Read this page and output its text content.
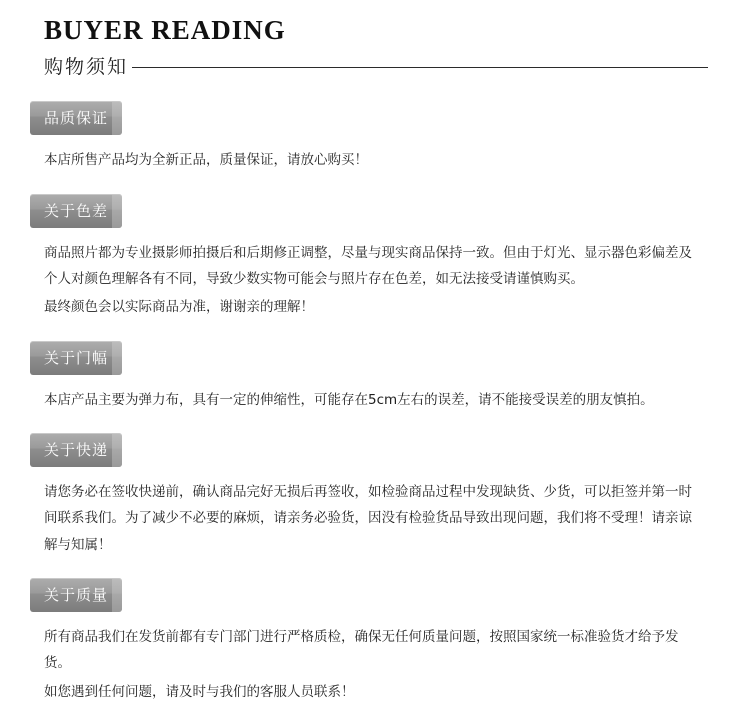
BUYER READING
购物须知
品质保证

本店所售产品均为全新正品，质量保证，请放心购买！

关于色差

商品照片都为专业摄影师拍摄后和后期修正调整，尽量与现实商品保持一致。但由于灯光、显示器色彩偏差及个人对颜色理解各有不同，导致少数实物可能会与照片存在色差，如无法接受请谨慎购买。

最终颜色会以实际商品为准，谢谢亲的理解！

关于门幅

本店产品主要为弹力布，具有一定的伸缩性，可能存在5cm左右的误差，请不能接受误差的朋友慎拍。

关于快递

请您务必在签收快递前，确认商品完好无损后再签收，如检验商品过程中发现缺货、少货，可以拒签并第一时间联系我们。为了减少不必要的麻烦，请亲务必验货，因没有检验货品导致出现问题，我们将不受理！请亲谅解与知属！

关于质量

所有商品我们在发货前都有专门部门进行严格质检，确保无任何质量问题，按照国家统一标准验货才给予发货。

如您遇到任何问题，请及时与我们的客服人员联系！
